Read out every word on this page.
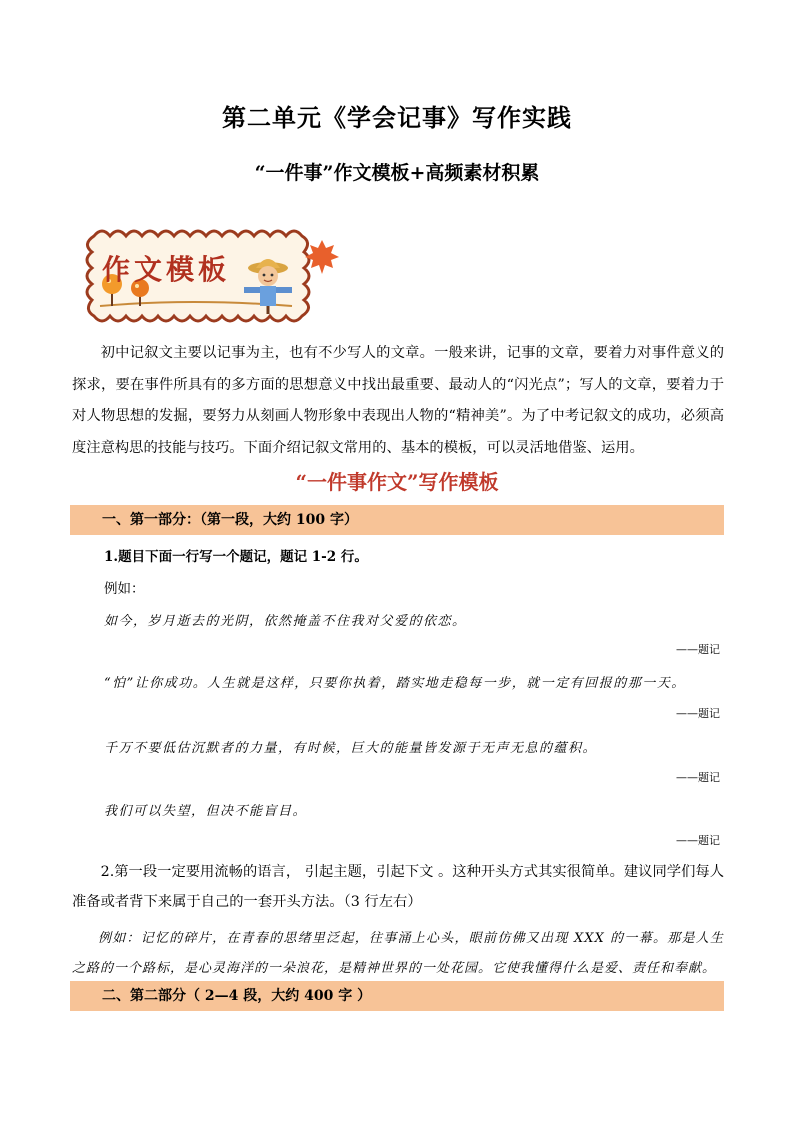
第二单元《学会记事》写作实践
“一件事”作文模板+高频素材积累
作文模板
初中记叙文主要以记事为主，也有不少写人的文章。一般来讲，记事的文章，要着力对事件意义的探求，要在事件所具有的多方面的思想意义中找出最重要、最动人的“闪光点”；写人的文章，要着力于对人物思想的发掘，要努力从刻画人物形象中表现出人物的“精神美”。为了中考记叙文的成功，必须高度注意构思的技能与技巧。下面介绍记叙文常用的、基本的模板，可以灵活地借鉴、运用。
“一件事作文”写作模板
一、第一部分：（第一段，大约 100 字）
1.题目下面一行写一个题记，题记 1-2 行。
例如：
如今，岁月逝去的光阴，依然掩盖不住我对父爱的依恋。
——题记
“怕”让你成功。人生就是这样，只要你执着，踏实地走稳每一步，就一定有回报的那一天。
——题记
千万不要低估沉默者的力量，有时候，巨大的能量皆发源于无声无息的蕴积。
——题记
我们可以失望，但决不能盲目。
——题记
2.第一段一定要用流畅的语言， 引起主题，引起下文 。这种开头方式其实很简单。建议同学们每人准备或者背下来属于自己的一套开头方法。（3 行左右）
例如：记忆的碎片，在青春的思绪里泛起，往事涌上心头，眼前仿佛又出现 XXX 的一幕。那是人生之路的一个路标，是心灵海洋的一朵浪花，是精神世界的一处花园。它使我懂得什么是爱、责任和奉献。
二、第二部分（ 2—4 段，大约 400 字 ）
